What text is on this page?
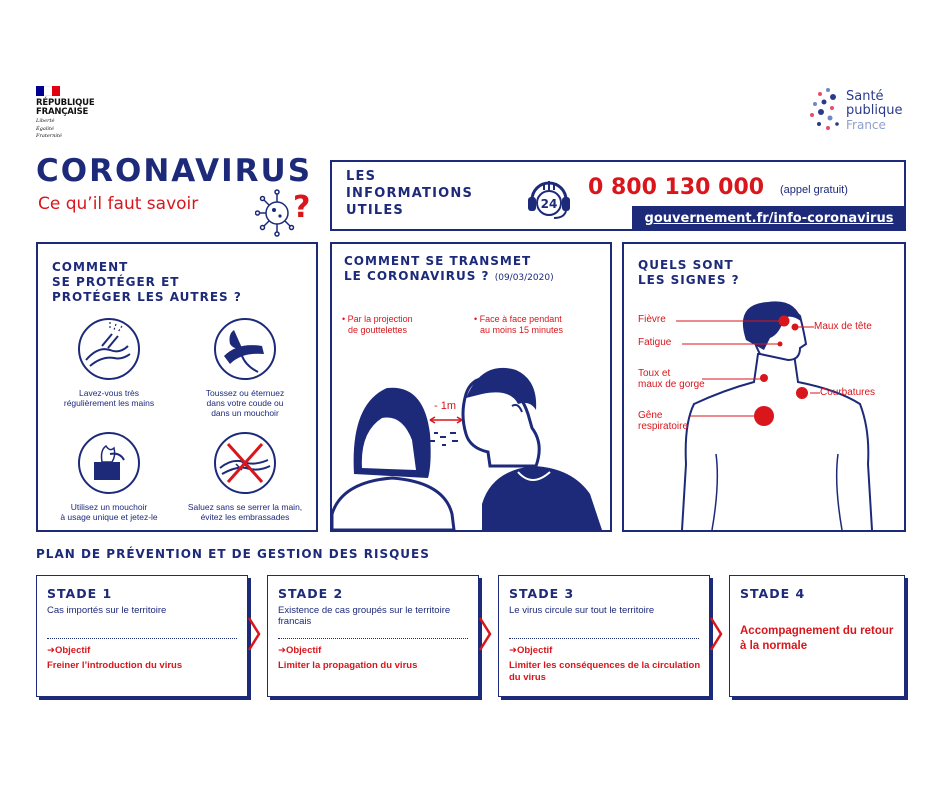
RÉPUBLIQUE
FRANÇAISE
Liberté
Égalité
Fraternité
Santé
publique
France
CORONAVIRUS
Ce qu’il faut savoir	?
LES
INFORMATIONS
UTILES	24
0 800 130 000 (appel gratuit)
gouvernement.fr/info-coronavirus
COMMENT
SE PROTÉGER ET
PROTÉGER LES AUTRES ?
Lavez-vous très
régulièrement les mains
Toussez ou éternuez
dans votre coude ou
dans un mouchoir
Utilisez un mouchoir
à usage unique et jetez-le
Saluez sans se serrer la main,
évitez les embrassades
COMMENT SE TRANSMET
LE CORONAVIRUS ? (09/03/2020)
• Par la projection
de gouttelettes
• Face à face pendant
au moins 15 minutes
- 1m
QUELS SONT
LES SIGNES ?
Fièvre
Maux de tête
Fatigue
Toux et
maux de gorge
Courbatures
Gêne
respiratoire
PLAN DE PRÉVENTION ET DE GESTION DES RISQUES
STADE 1
Cas importés sur le territoire
➜Objectif
Freiner l’introduction du virus
STADE 2
Existence de cas groupés sur le territoire francais
➜Objectif
Limiter la propagation du virus
STADE 3
Le virus circule sur tout le territoire
➜Objectif
Limiter les conséquences de la circulation du virus
STADE 4
Accompagnement du retour à la normale
